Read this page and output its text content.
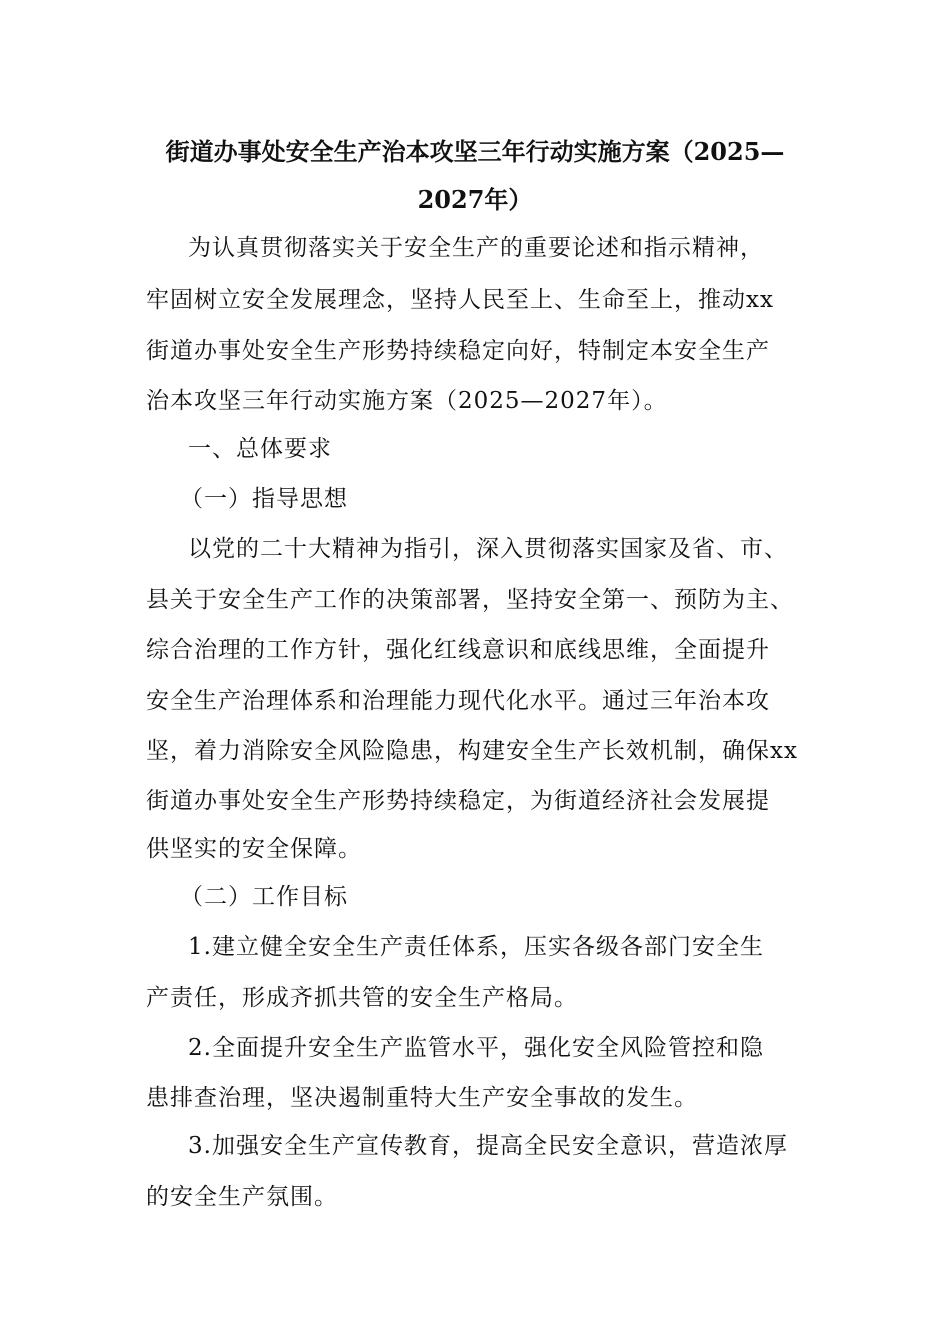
街道办事处安全生产治本攻坚三年行动实施方案（2025—
2027年）
为认真贯彻落实关于安全生产的重要论述和指示精神，
牢固树立安全发展理念，坚持人民至上、生命至上，推动xx
街道办事处安全生产形势持续稳定向好，特制定本安全生产
治本攻坚三年行动实施方案（2025—2027年）。
一、总体要求
（一）指导思想
以党的二十大精神为指引，深入贯彻落实国家及省、市、
县关于安全生产工作的决策部署，坚持安全第一、预防为主、
综合治理的工作方针，强化红线意识和底线思维，全面提升
安全生产治理体系和治理能力现代化水平。通过三年治本攻
坚，着力消除安全风险隐患，构建安全生产长效机制，确保xx
街道办事处安全生产形势持续稳定，为街道经济社会发展提
供坚实的安全保障。
（二）工作目标
1.建立健全安全生产责任体系，压实各级各部门安全生
产责任，形成齐抓共管的安全生产格局。
2.全面提升安全生产监管水平，强化安全风险管控和隐
患排查治理，坚决遏制重特大生产安全事故的发生。
3.加强安全生产宣传教育，提高全民安全意识，营造浓厚
的安全生产氛围。
